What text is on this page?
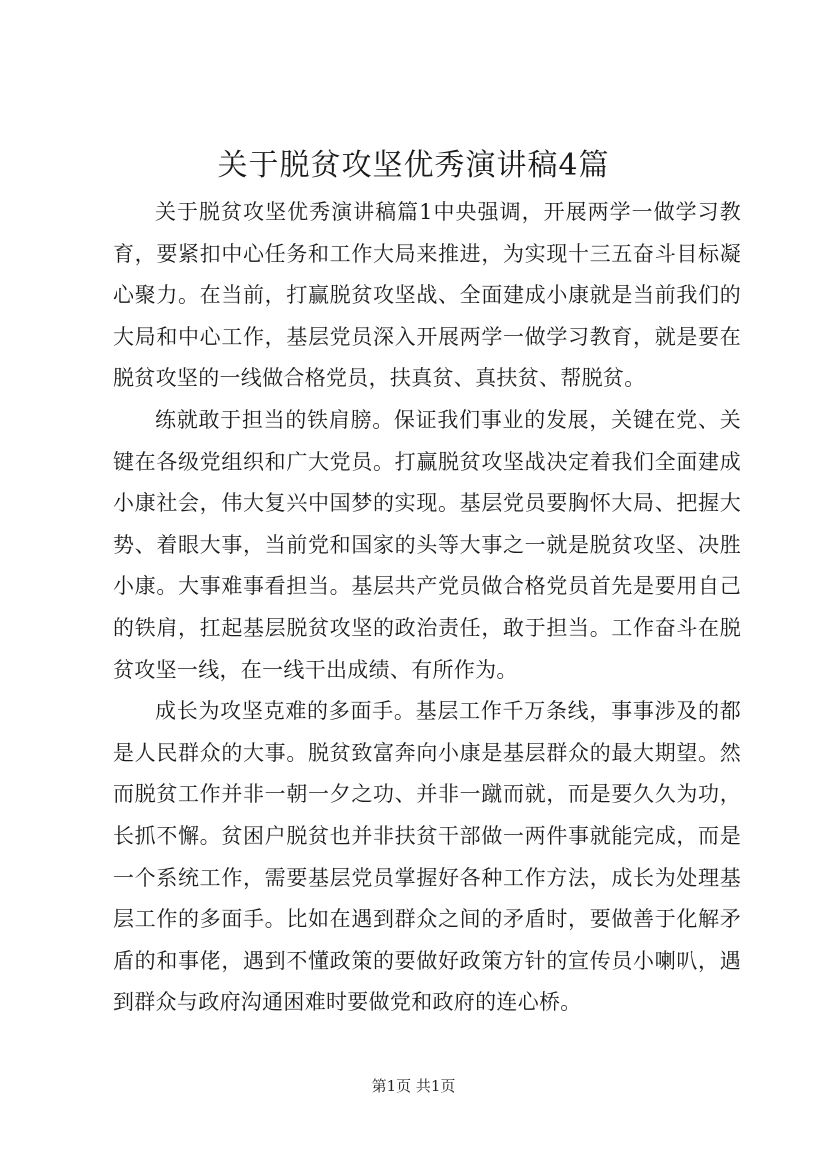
关于脱贫攻坚优秀演讲稿4篇

关于脱贫攻坚优秀演讲稿篇1中央强调，开展两学一做学习教育，要紧扣中心任务和工作大局来推进，为实现十三五奋斗目标凝心聚力。在当前，打赢脱贫攻坚战、全面建成小康就是当前我们的大局和中心工作，基层党员深入开展两学一做学习教育，就是要在脱贫攻坚的一线做合格党员，扶真贫、真扶贫、帮脱贫。

练就敢于担当的铁肩膀。保证我们事业的发展，关键在党、关键在各级党组织和广大党员。打赢脱贫攻坚战决定着我们全面建成小康社会，伟大复兴中国梦的实现。基层党员要胸怀大局、把握大势、着眼大事，当前党和国家的头等大事之一就是脱贫攻坚、决胜小康。大事难事看担当。基层共产党员做合格党员首先是要用自己的铁肩，扛起基层脱贫攻坚的政治责任，敢于担当。工作奋斗在脱贫攻坚一线，在一线干出成绩、有所作为。

成长为攻坚克难的多面手。基层工作千万条线，事事涉及的都是人民群众的大事。脱贫致富奔向小康是基层群众的最大期望。然而脱贫工作并非一朝一夕之功、并非一蹴而就，而是要久久为功，长抓不懈。贫困户脱贫也并非扶贫干部做一两件事就能完成，而是一个系统工作，需要基层党员掌握好各种工作方法，成长为处理基层工作的多面手。比如在遇到群众之间的矛盾时，要做善于化解矛盾的和事佬，遇到不懂政策的要做好政策方针的宣传员小喇叭，遇到群众与政府沟通困难时要做党和政府的连心桥。

第1页 共1页
